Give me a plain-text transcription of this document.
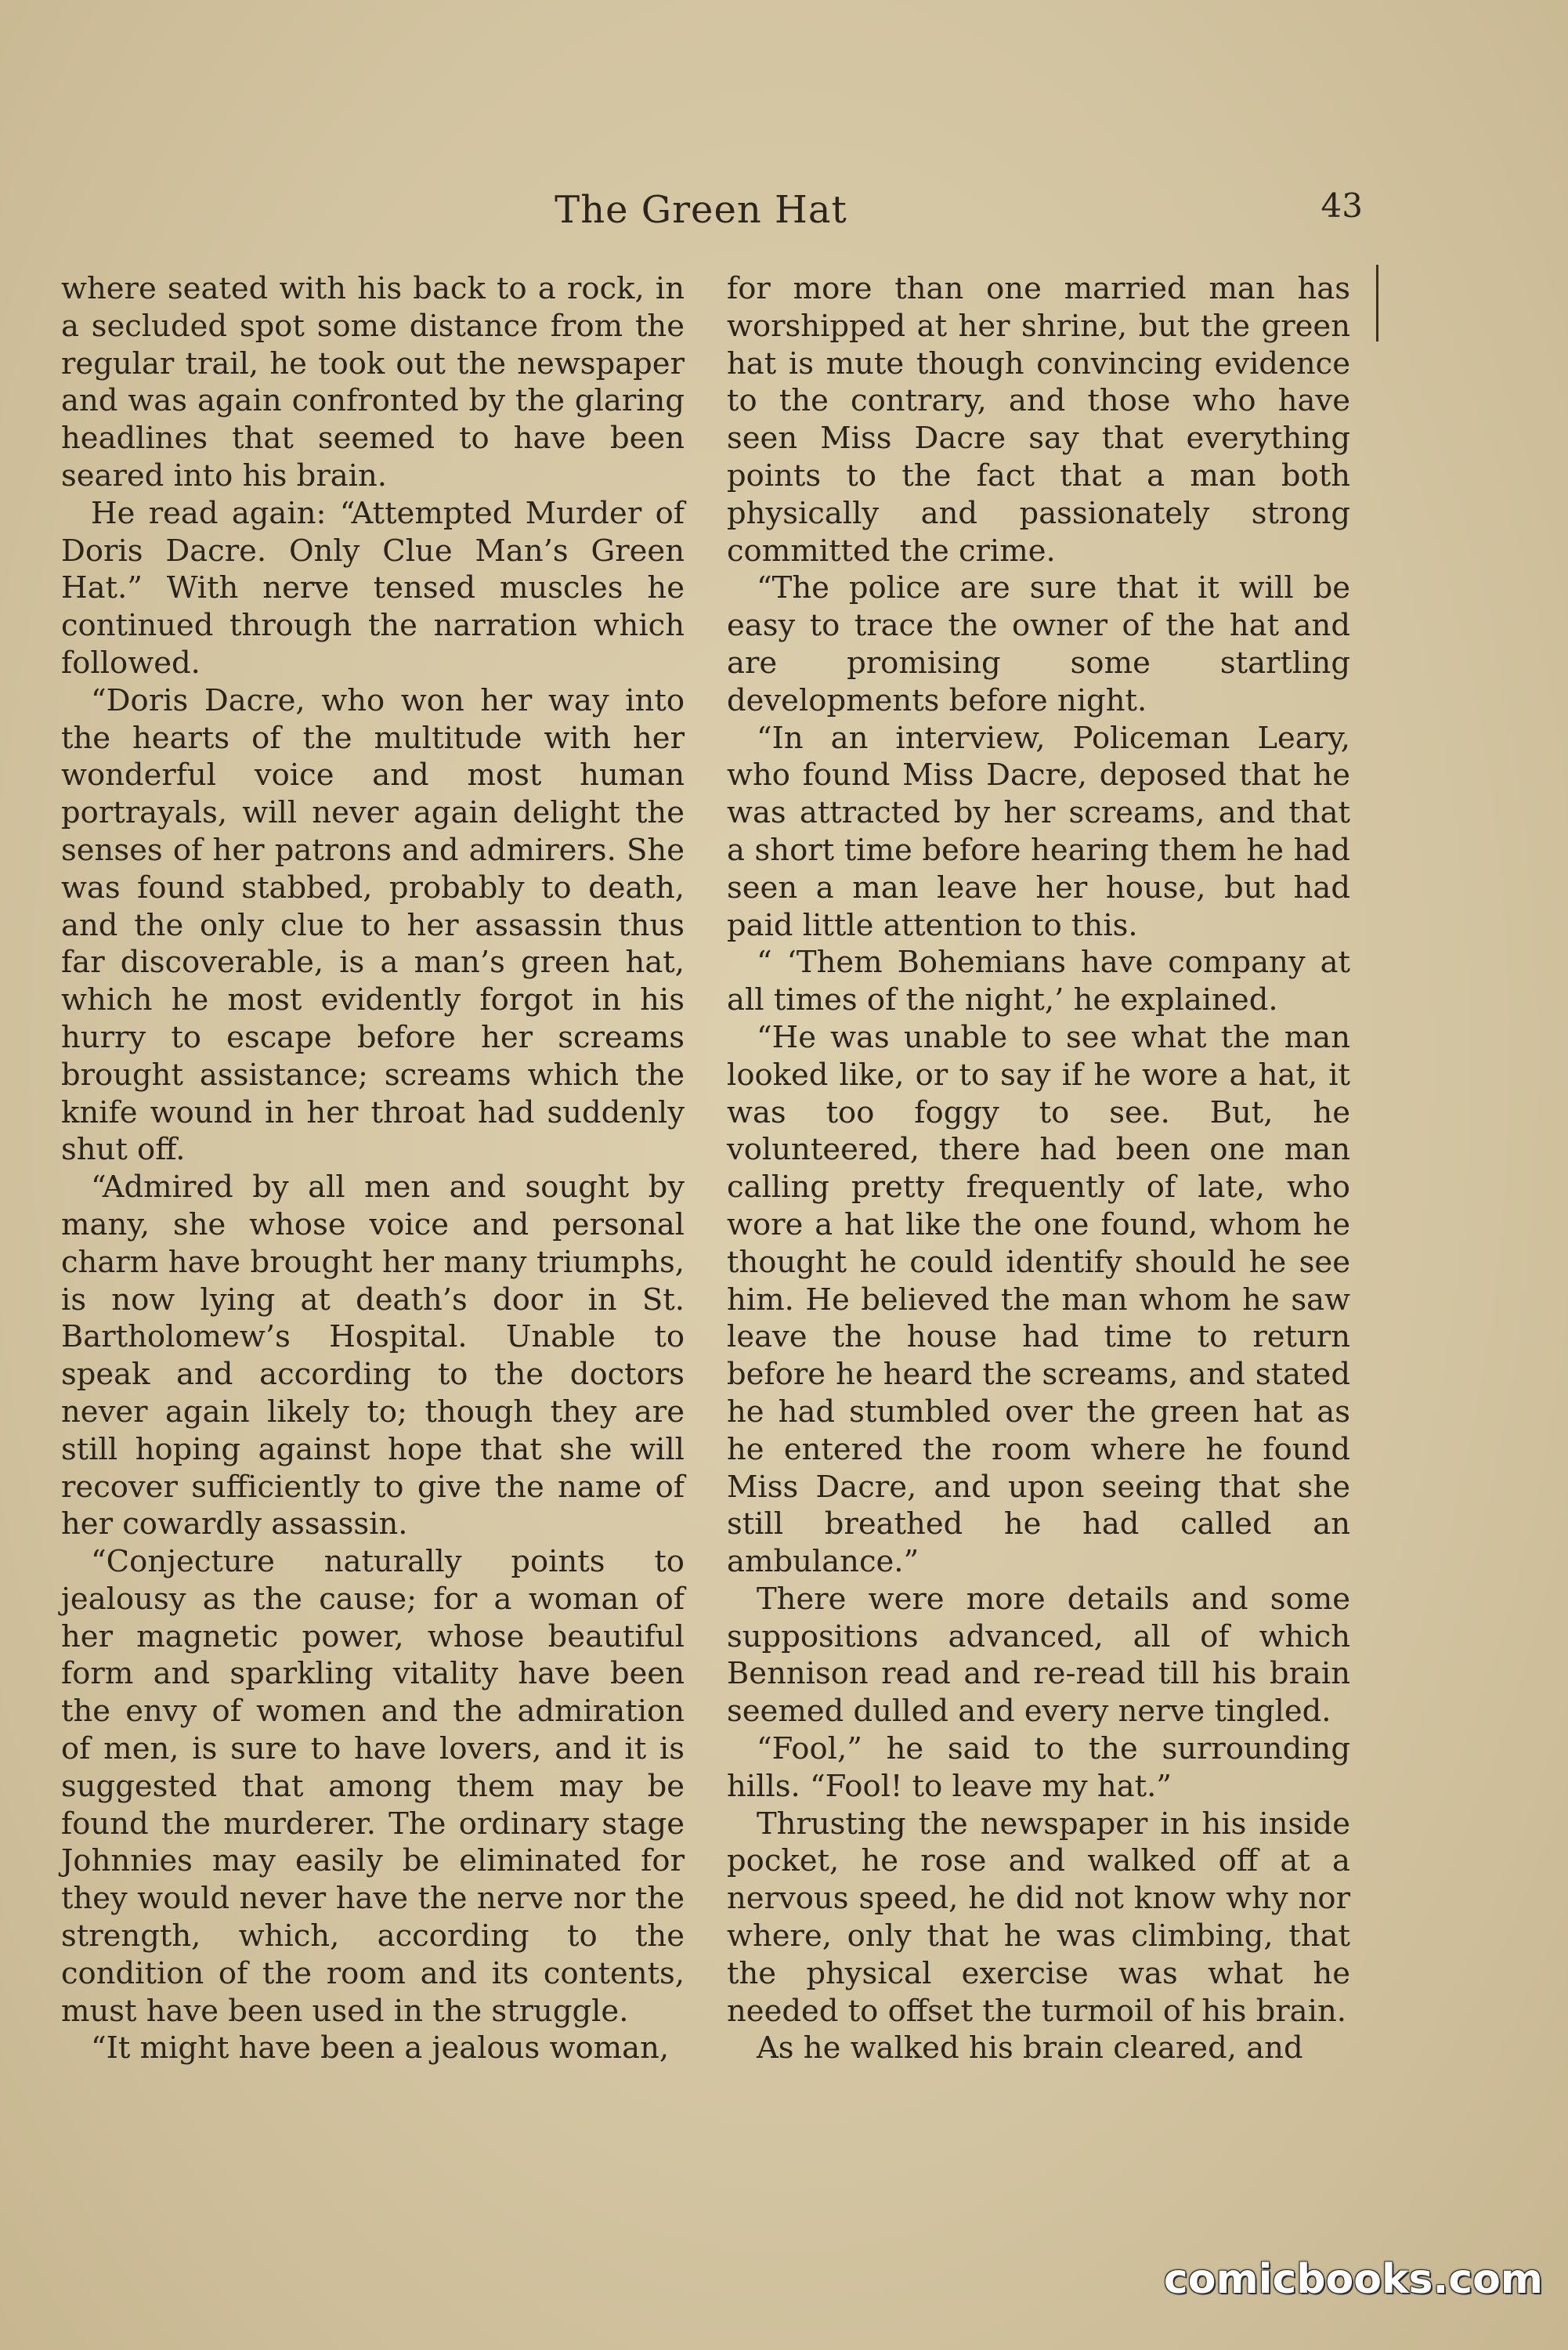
The Green Hat	43

where seated with his back to a rock, in a secluded spot some distance from the regular trail, he took out the newspaper and was again confronted by the glaring headlines that seemed to have been seared into his brain.

He read again: “Attempted Murder of Doris Dacre. Only Clue Man’s Green Hat.” With nerve tensed muscles he continued through the narration which followed.

“Doris Dacre, who won her way into the hearts of the multitude with her wonderful voice and most human portrayals, will never again delight the senses of her patrons and admirers. She was found stabbed, probably to death, and the only clue to her assassin thus far discoverable, is a man’s green hat, which he most evidently forgot in his hurry to escape before her screams brought assistance; screams which the knife wound in her throat had suddenly shut off.

“Admired by all men and sought by many, she whose voice and personal charm have brought her many triumphs, is now lying at death’s door in St. Bartholomew’s Hospital. Unable to speak and according to the doctors never again likely to; though they are still hoping against hope that she will recover sufficiently to give the name of her cowardly assassin.

“Conjecture naturally points to jealousy as the cause; for a woman of her magnetic power, whose beautiful form and sparkling vitality have been the envy of women and the admiration of men, is sure to have lovers, and it is suggested that among them may be found the murderer. The ordinary stage Johnnies may easily be eliminated for they would never have the nerve nor the strength, which, according to the condition of the room and its contents, must have been used in the struggle.

“It might have been a jealous woman,

for more than one married man has worshipped at her shrine, but the green hat is mute though convincing evidence to the contrary, and those who have seen Miss Dacre say that everything points to the fact that a man both physically and passionately strong committed the crime.

“The police are sure that it will be easy to trace the owner of the hat and are promising some startling developments before night.

“In an interview, Policeman Leary, who found Miss Dacre, deposed that he was attracted by her screams, and that a short time before hearing them he had seen a man leave her house, but had paid little attention to this.

“ ‘Them Bohemians have company at all times of the night,’ he explained.

“He was unable to see what the man looked like, or to say if he wore a hat, it was too foggy to see. But, he volunteered, there had been one man calling pretty frequently of late, who wore a hat like the one found, whom he thought he could identify should he see him. He believed the man whom he saw leave the house had time to return before he heard the screams, and stated he had stumbled over the green hat as he entered the room where he found Miss Dacre, and upon seeing that she still breathed he had called an ambulance.”

There were more details and some suppositions advanced, all of which Bennison read and re-read till his brain seemed dulled and every nerve tingled.

“Fool,” he said to the surrounding hills. “Fool! to leave my hat.”

Thrusting the newspaper in his inside pocket, he rose and walked off at a nervous speed, he did not know why nor where, only that he was climbing, that the physical exercise was what he needed to offset the turmoil of his brain.

As he walked his brain cleared, and

comicbooks.com
